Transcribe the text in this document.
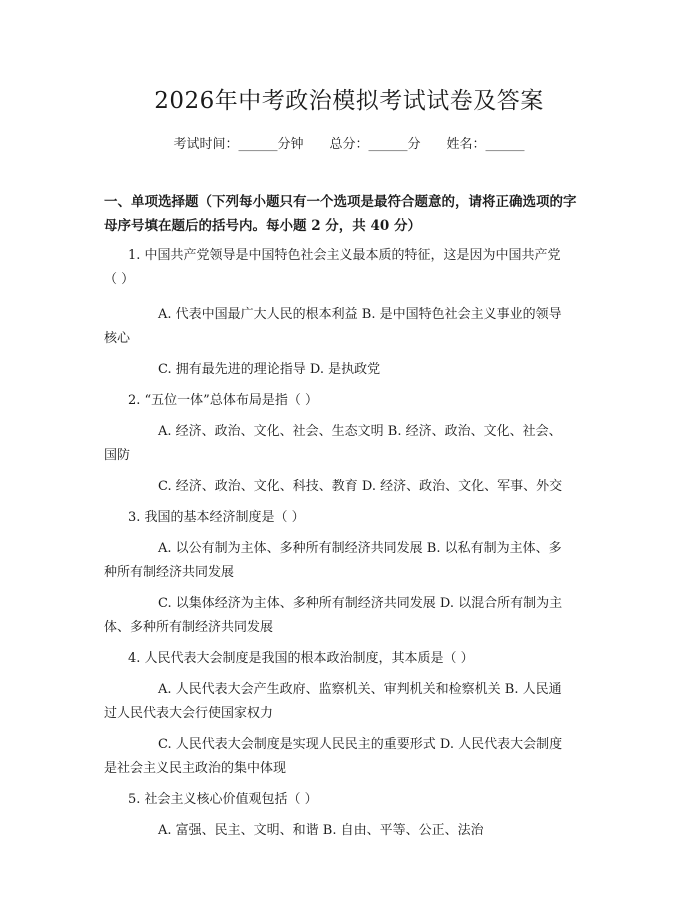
2026年中考政治模拟考试试卷及答案
考试时间：______分钟 总分：______分 姓名：______
一、单项选择题（下列每小题只有一个选项是最符合题意的，请将正确选项的字
母序号填在题后的括号内。每小题 2 分，共 40 分）
1. 中国共产党领导是中国特色社会主义最本质的特征，这是因为中国共产党
（ ）
A. 代表中国最广大人民的根本利益 B. 是中国特色社会主义事业的领导
核心
C. 拥有最先进的理论指导 D. 是执政党
2. “五位一体”总体布局是指（ ）
A. 经济、政治、文化、社会、生态文明 B. 经济、政治、文化、社会、
国防
C. 经济、政治、文化、科技、教育 D. 经济、政治、文化、军事、外交
3. 我国的基本经济制度是（ ）
A. 以公有制为主体、多种所有制经济共同发展 B. 以私有制为主体、多
种所有制经济共同发展
C. 以集体经济为主体、多种所有制经济共同发展 D. 以混合所有制为主
体、多种所有制经济共同发展
4. 人民代表大会制度是我国的根本政治制度，其本质是（ ）
A. 人民代表大会产生政府、监察机关、审判机关和检察机关 B. 人民通
过人民代表大会行使国家权力
C. 人民代表大会制度是实现人民民主的重要形式 D. 人民代表大会制度
是社会主义民主政治的集中体现
5. 社会主义核心价值观包括（ ）
A. 富强、民主、文明、和谐 B. 自由、平等、公正、法治
